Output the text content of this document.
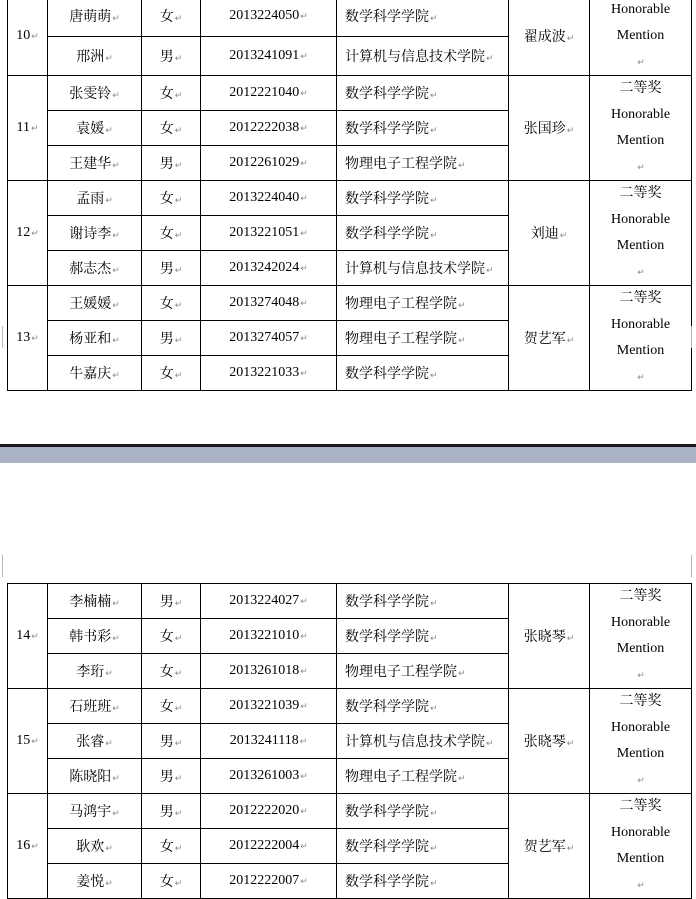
10↵	唐萌萌↵	女↵	2013224050↵	数学科学学院↵	翟成波↵	Honorable
Mention
↵

	邢洲↵	男↵	2013241091↵	计算机与信息技术学院↵		
11↵	张雯铃↵	女↵	2012221040↵	数学科学学院↵	张国珍↵	二等奖
Honorable
Mention
↵

	袁媛↵	女↵	2012222038↵	数学科学学院↵		
	王建华↵	男↵	2012261029↵	物理电子工程学院↵		
12↵	孟雨↵	女↵	2013224040↵	数学科学学院↵	刘迪↵	二等奖
Honorable
Mention
↵

	谢诗李↵	女↵	2013221051↵	数学科学学院↵		
	郝志杰↵	男↵	2013242024↵	计算机与信息技术学院↵		
13↵	王媛媛↵	女↵	2013274048↵	物理电子工程学院↵	贺艺军↵	二等奖
Honorable
Mention
↵

	杨亚和↵	男↵	2013274057↵	物理电子工程学院↵		
	牛嘉庆↵	女↵	2013221033↵	数学科学学院↵		
14↵	李楠楠↵	男↵	2013224027↵	数学科学学院↵	张晓琴↵	二等奖
Honorable
Mention
↵

	韩书彩↵	女↵	2013221010↵	数学科学学院↵		
	李珩↵	女↵	2013261018↵	物理电子工程学院↵		
15↵	石班班↵	女↵	2013221039↵	数学科学学院↵	张晓琴↵	二等奖
Honorable
Mention
↵

	张睿↵	男↵	2013241118↵	计算机与信息技术学院↵		
	陈晓阳↵	男↵	2013261003↵	物理电子工程学院↵		
16↵	马鸿宇↵	男↵	2012222020↵	数学科学学院↵	贺艺军↵	二等奖
Honorable
Mention
↵

	耿欢↵	女↵	2012222004↵	数学科学学院↵		
	姜悦↵	女↵	2012222007↵	数学科学学院↵		
